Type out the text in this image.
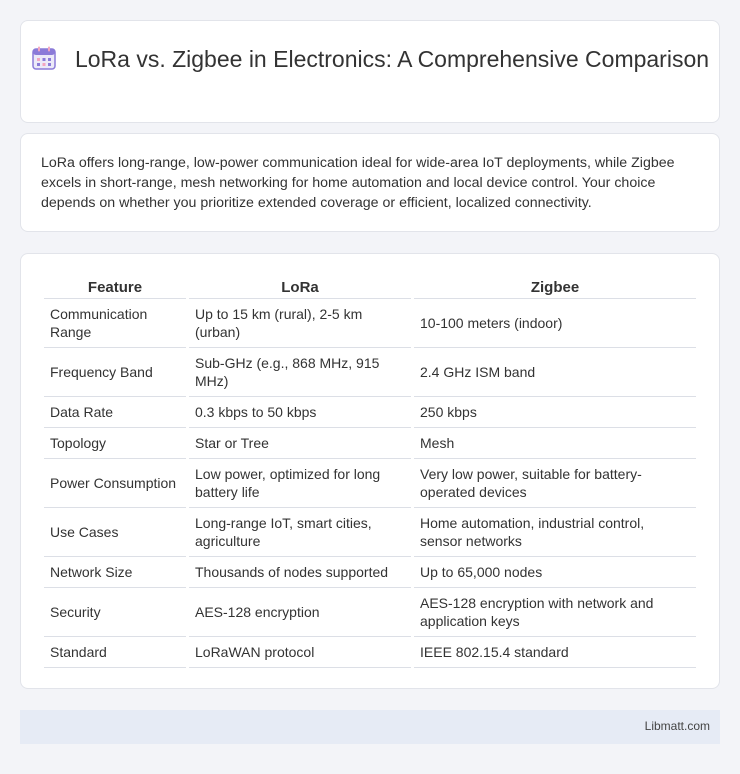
LoRa vs. Zigbee in Electronics: A Comprehensive Comparison

LoRa offers long-range, low-power communication ideal for wide-area IoT deployments, while Zigbee excels in short-range, mesh networking for home automation and local device control. Your choice depends on whether you prioritize extended coverage or efficient, localized connectivity.

Feature	LoRa	Zigbee
Communication Range	Up to 15 km (rural), 2-5 km (urban)	10-100 meters (indoor)
Frequency Band	Sub-GHz (e.g., 868 MHz, 915 MHz)	2.4 GHz ISM band
Data Rate	0.3 kbps to 50 kbps	250 kbps
Topology	Star or Tree	Mesh
Power Consumption	Low power, optimized for long battery life	Very low power, suitable for battery-operated devices
Use Cases	Long-range IoT, smart cities, agriculture	Home automation, industrial control, sensor networks
Network Size	Thousands of nodes supported	Up to 65,000 nodes
Security	AES-128 encryption	AES-128 encryption with network and application keys
Standard	LoRaWAN protocol	IEEE 802.15.4 standard
Libmatt.com
